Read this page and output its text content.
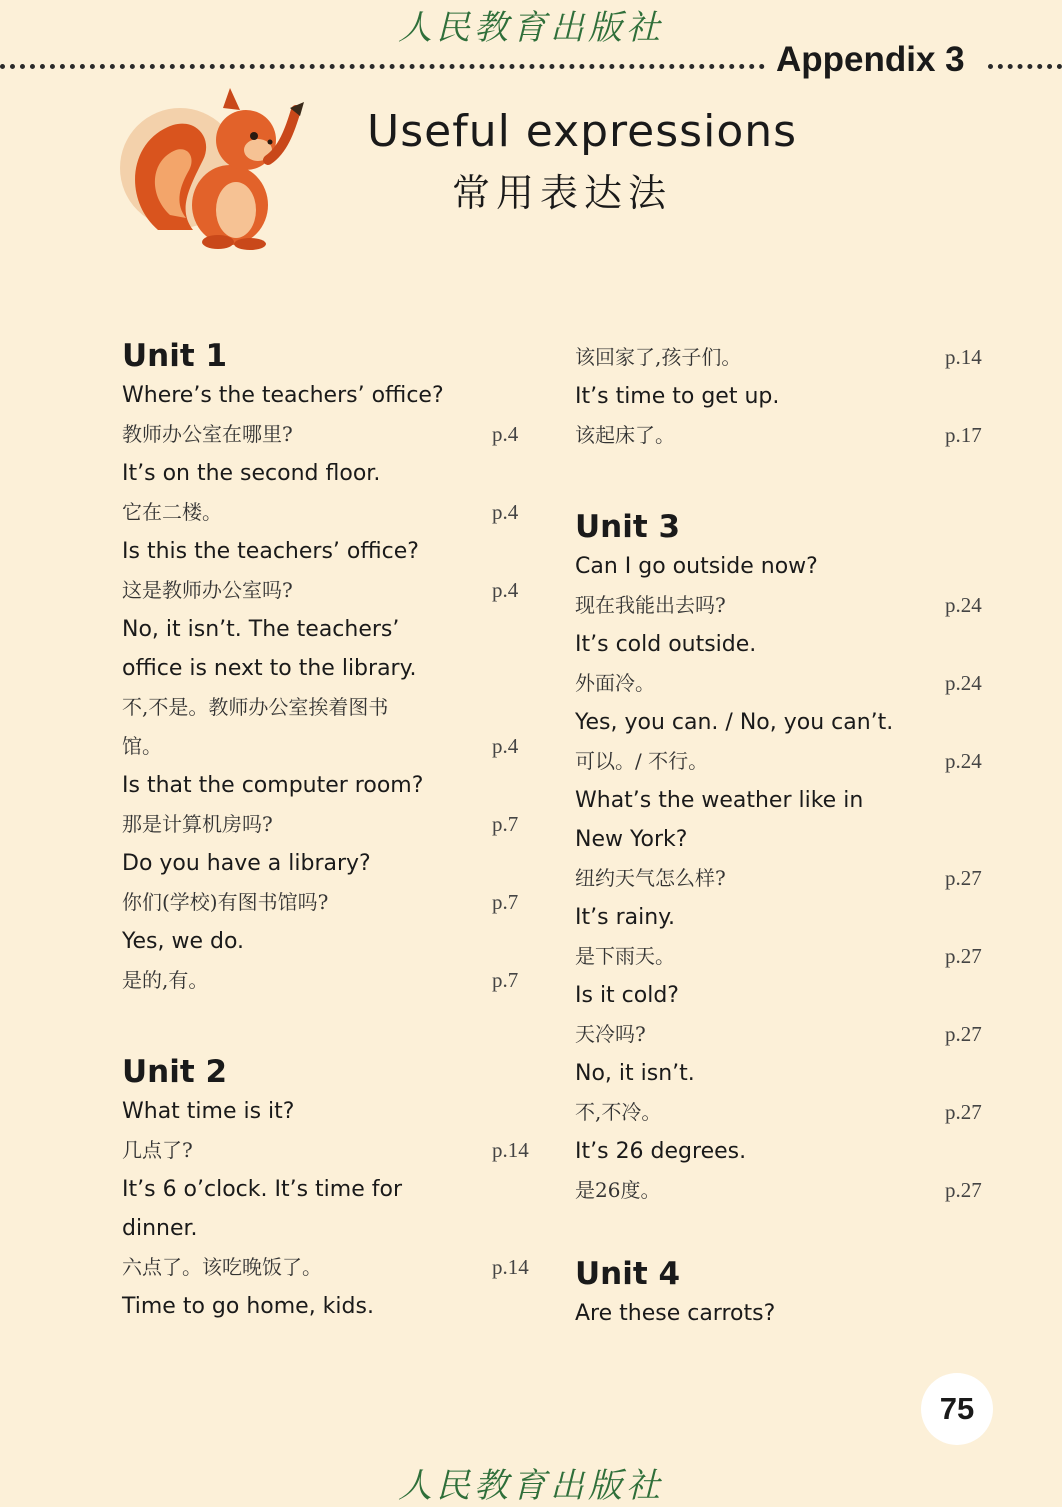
人民教育出版社
Appendix 3
Useful expressions
常用表达法
Unit 1
Where’s the teachers’ office?
教师办公室在哪里?	p.4
It’s on the second floor.
它在二楼。	p.4
Is this the teachers’ office?
这是教师办公室吗?	p.4
No, it isn’t. The teachers’
office is next to the library.
不,不是。教师办公室挨着图书
馆。	p.4
Is that the computer room?
那是计算机房吗?	p.7
Do you have a library?
你们(学校)有图书馆吗?	p.7
Yes, we do.
是的,有。	p.7
Unit 2
What time is it?
几点了?	p.14
It’s 6 o’clock. It’s time for
dinner.
六点了。该吃晚饭了。	p.14
Time to go home, kids.
该回家了,孩子们。	p.14
It’s time to get up.
该起床了。	p.17
Unit 3
Can I go outside now?
现在我能出去吗?	p.24
It’s cold outside.
外面冷。	p.24
Yes, you can. / No, you can’t.
可以。/ 不行。	p.24
What’s the weather like in
New York?
纽约天气怎么样?	p.27
It’s rainy.
是下雨天。	p.27
Is it cold?
天冷吗?	p.27
No, it isn’t.
不,不冷。	p.27
It’s 26 degrees.
是26度。	p.27
Unit 4
Are these carrots?
75
人民教育出版社
